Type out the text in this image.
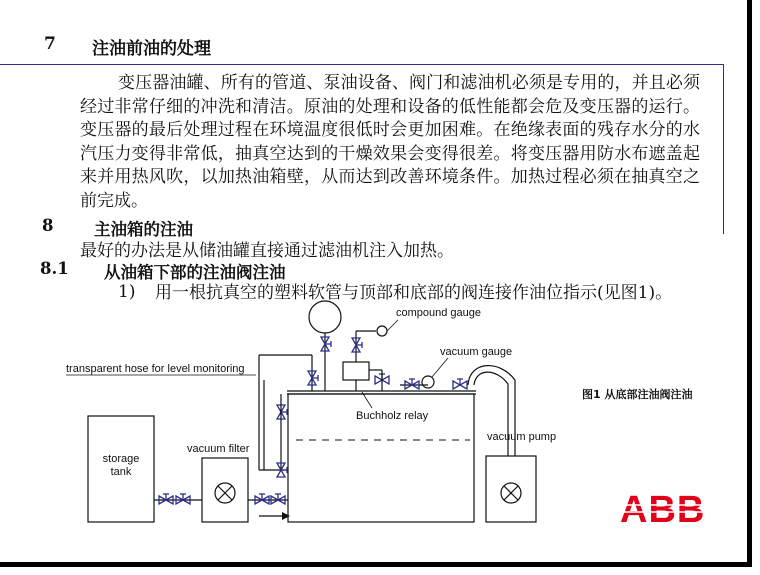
7 注油前油的处理
变压器油罐、所有的管道、泵油设备、阀门和滤油机必须是专用的，并且必须经过非常仔细的冲洗和清洁。原油的处理和设备的低性能都会危及变压器的运行。变压器的最后处理过程在环境温度很低时会更加困难。在绝缘表面的残存水分的水汽压力变得非常低，抽真空达到的干燥效果会变得很差。将变压器用防水布遮盖起来并用热风吹，以加热油箱壁，从而达到改善环境条件。加热过程必须在抽真空之前完成。
8 主油箱的注油
最好的办法是从储油罐直接通过滤油机注入加热。
8.1 从油箱下部的注油阀注油
1) 用一根抗真空的塑料软管与顶部和底部的阀连接作油位指示(见图1)。
Buchholz relay
compound gauge
vacuum gauge
vacuum pump
transparent hose for level monitoring
storage
tank
vacuum filter
图1 从底部注油阀注油
ABB
